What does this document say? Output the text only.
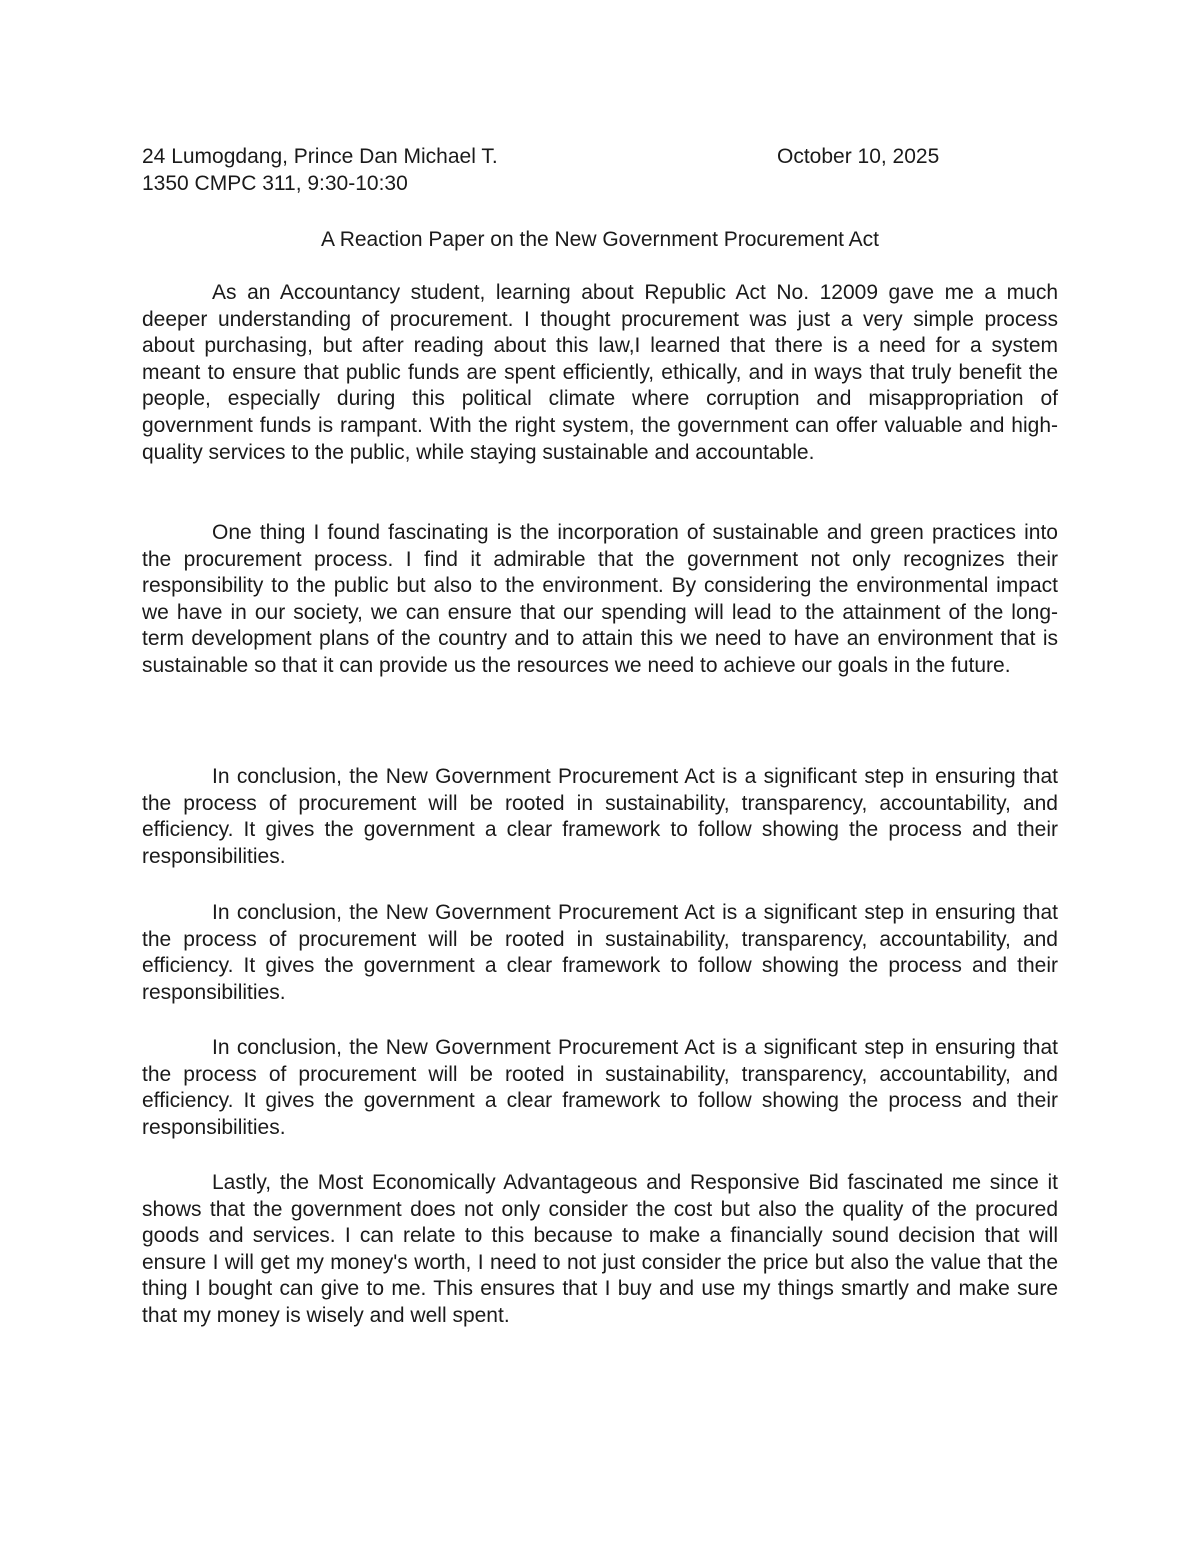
24 Lumogdang, Prince Dan Michael T.	October 10, 2025
1350 CMPC 311, 9:30-10:30
A Reaction Paper on the New Government Procurement Act

As an Accountancy student, learning about Republic Act No. 12009 gave me a much deeper understanding of procurement. I thought procurement was just a very simple process about purchasing, but after reading about this law,I learned that there is a need for a system meant to ensure that public funds are spent efficiently, ethically, and in ways that truly benefit the people, especially during this political climate where corruption and misappropriation of government funds is rampant. With the right system, the government can offer valuable and high-quality services to the public, while staying sustainable and accountable.

One thing I found fascinating is the incorporation of sustainable and green practices into the procurement process. I find it admirable that the government not only recognizes their responsibility to the public but also to the environment. By considering the environmental impact we have in our society, we can ensure that our spending will lead to the attainment of the long-term development plans of the country and to attain this we need to have an environment that is sustainable so that it can provide us the resources we need to achieve our goals in the future.

In conclusion, the New Government Procurement Act is a significant step in ensuring that the process of procurement will be rooted in sustainability, transparency, accountability, and efficiency. It gives the government a clear framework to follow showing the process and their responsibilities.

In conclusion, the New Government Procurement Act is a significant step in ensuring that the process of procurement will be rooted in sustainability, transparency, accountability, and efficiency. It gives the government a clear framework to follow showing the process and their responsibilities.

In conclusion, the New Government Procurement Act is a significant step in ensuring that the process of procurement will be rooted in sustainability, transparency, accountability, and efficiency. It gives the government a clear framework to follow showing the process and their responsibilities.

Lastly, the Most Economically Advantageous and Responsive Bid fascinated me since it shows that the government does not only consider the cost but also the quality of the procured goods and services. I can relate to this because to make a financially sound decision that will ensure I will get my money's worth, I need to not just consider the price but also the value that the thing I bought can give to me. This ensures that I buy and use my things smartly and make sure that my money is wisely and well spent.
